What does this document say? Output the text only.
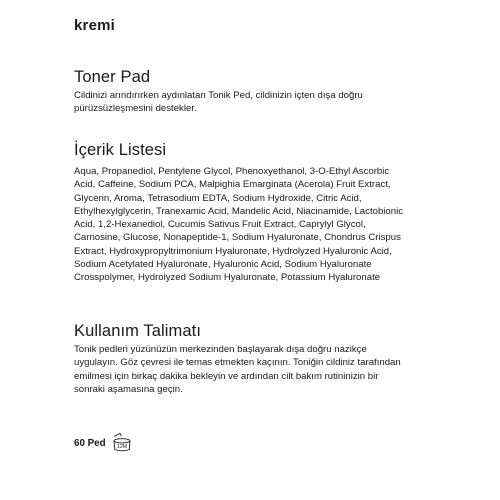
kremi
Toner Pad

Cildinizi arındırırken aydınlatan Tonik Ped, cildinizin içten dışa doğru pürüzsüzleşmesini destekler.

İçerik Listesi

Aqua, Propanediol, Pentylene Glycol, Phenoxyethanol, 3-O-Ethyl Ascorbic Acid, Caffeine, Sodium PCA, Malpighia Emarginata (Acerola) Fruit Extract, Glycerin, Aroma, Tetrasodium EDTA, Sodium Hydroxide, Citric Acid, Ethylhexylglycerin, Tranexamic Acid, Mandelic Acid, Niacinamide, Lactobionic Acid, 1,2-Hexanediol, Cucumis Sativus Fruit Extract, Caprylyl Glycol, Carnosine, Glucose, Nonapeptide-1, Sodium Hyaluronate, Chondrus Crispus Extract, Hydroxypropyltrimonium Hyaluronate, Hydrolyzed Hyaluronic Acid, Sodium Acetylated Hyaluronate, Hyaluronic Acid, Sodium Hyaluronate Crosspolymer, Hydrolyzed Sodium Hyaluronate, Potassium Hyaluronate

Kullanım Talimatı

Tonik pedleri yüzünüzün merkezinden başlayarak dışa doğru nazikçe uygulayın. Göz çevresi ile temas etmekten kaçının. Toniğin cildiniz tarafından emilmesi için birkaç dakika bekleyin ve ardından cilt bakım rutininizin bir sonraki aşamasına geçin.

60 Ped 12M
